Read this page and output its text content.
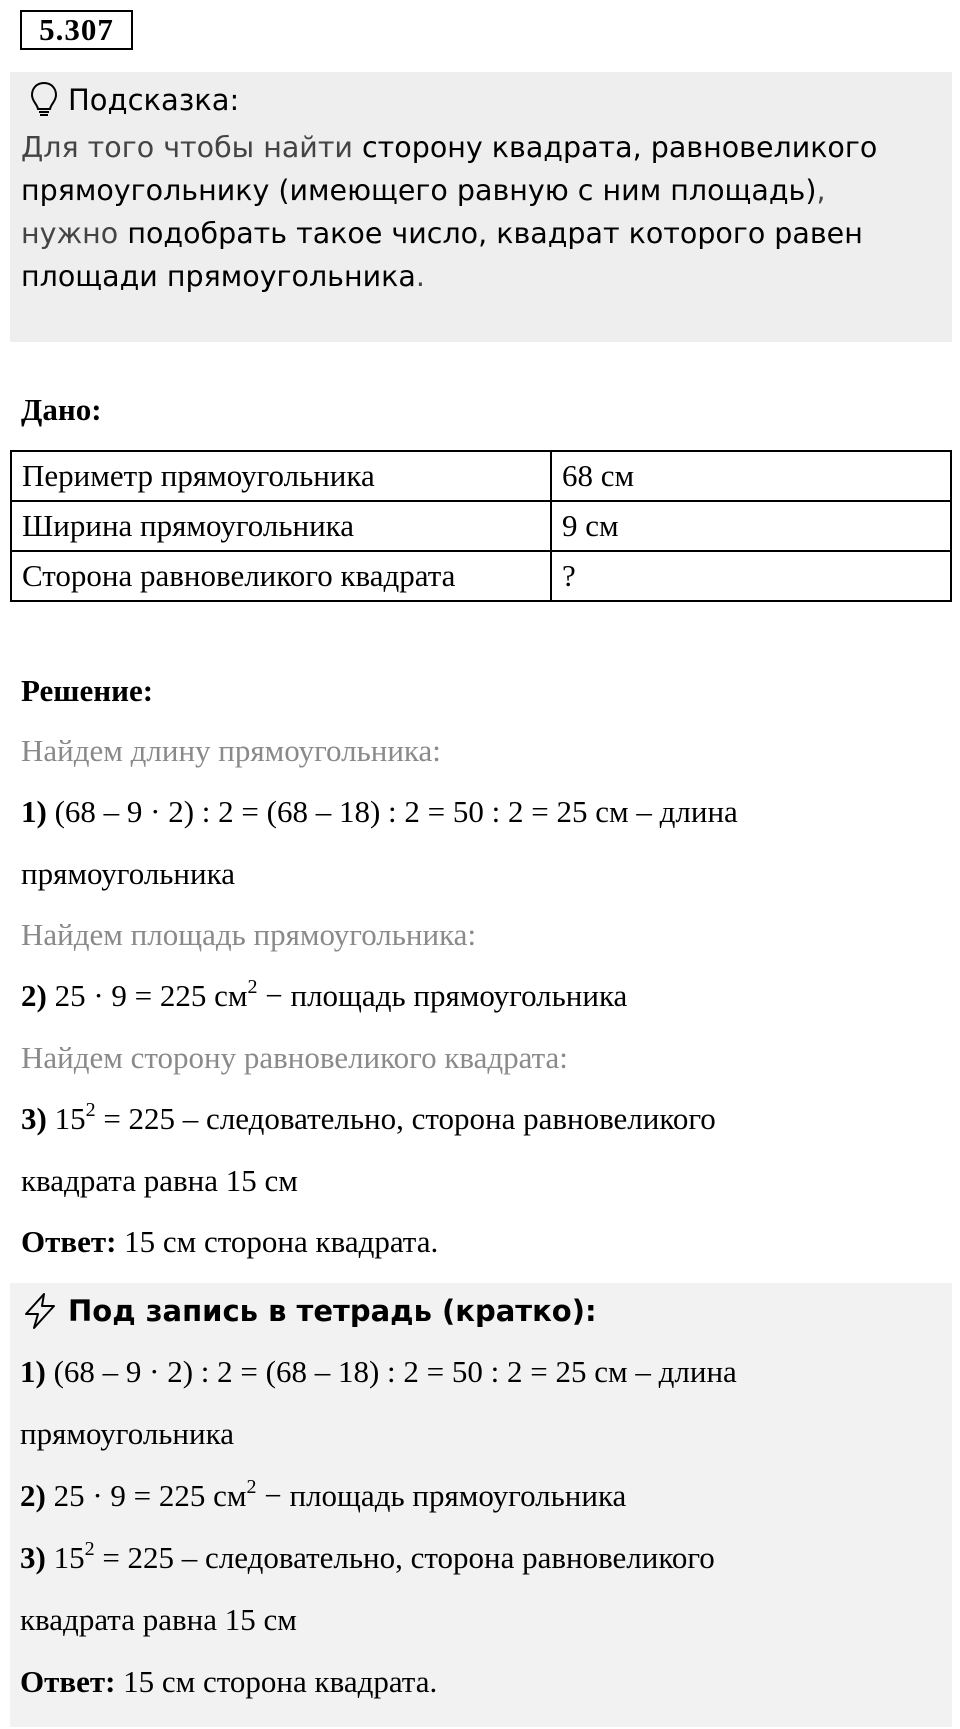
5.307
Подсказка:
Для того чтобы найти сторону квадрата, равновеликого прямоугольнику (имеющего равную с ним площадь), нужно подобрать такое число, квадрат которого равен площади прямоугольника.
Дано:
Периметр прямоугольника	68 см
Ширина прямоугольника	9 см
Сторона равновеликого квадрата	?
Решение:
Найдем длину прямоугольника:
1) (68 – 9 · 2) : 2 = (68 – 18) : 2 = 50 : 2 = 25 см – длина
прямоугольника
Найдем площадь прямоугольника:
2) 25 · 9 = 225 $см^2$ − площадь прямоугольника
Найдем сторону равновеликого квадрата:
3) $15^2 = 225$ – следовательно, сторона равновеликого
квадрата равна 15 см
Ответ: 15 см сторона квадрата.
Под запись в тетрадь (кратко):
1) (68 – 9 · 2) : 2 = (68 – 18) : 2 = 50 : 2 = 25 см – длина
прямоугольника
2) 25 · 9 = 225 $см^2$ − площадь прямоугольника
3) $15^2 = 225$ – следовательно, сторона равновеликого
квадрата равна 15 см
Ответ: 15 см сторона квадрата.
